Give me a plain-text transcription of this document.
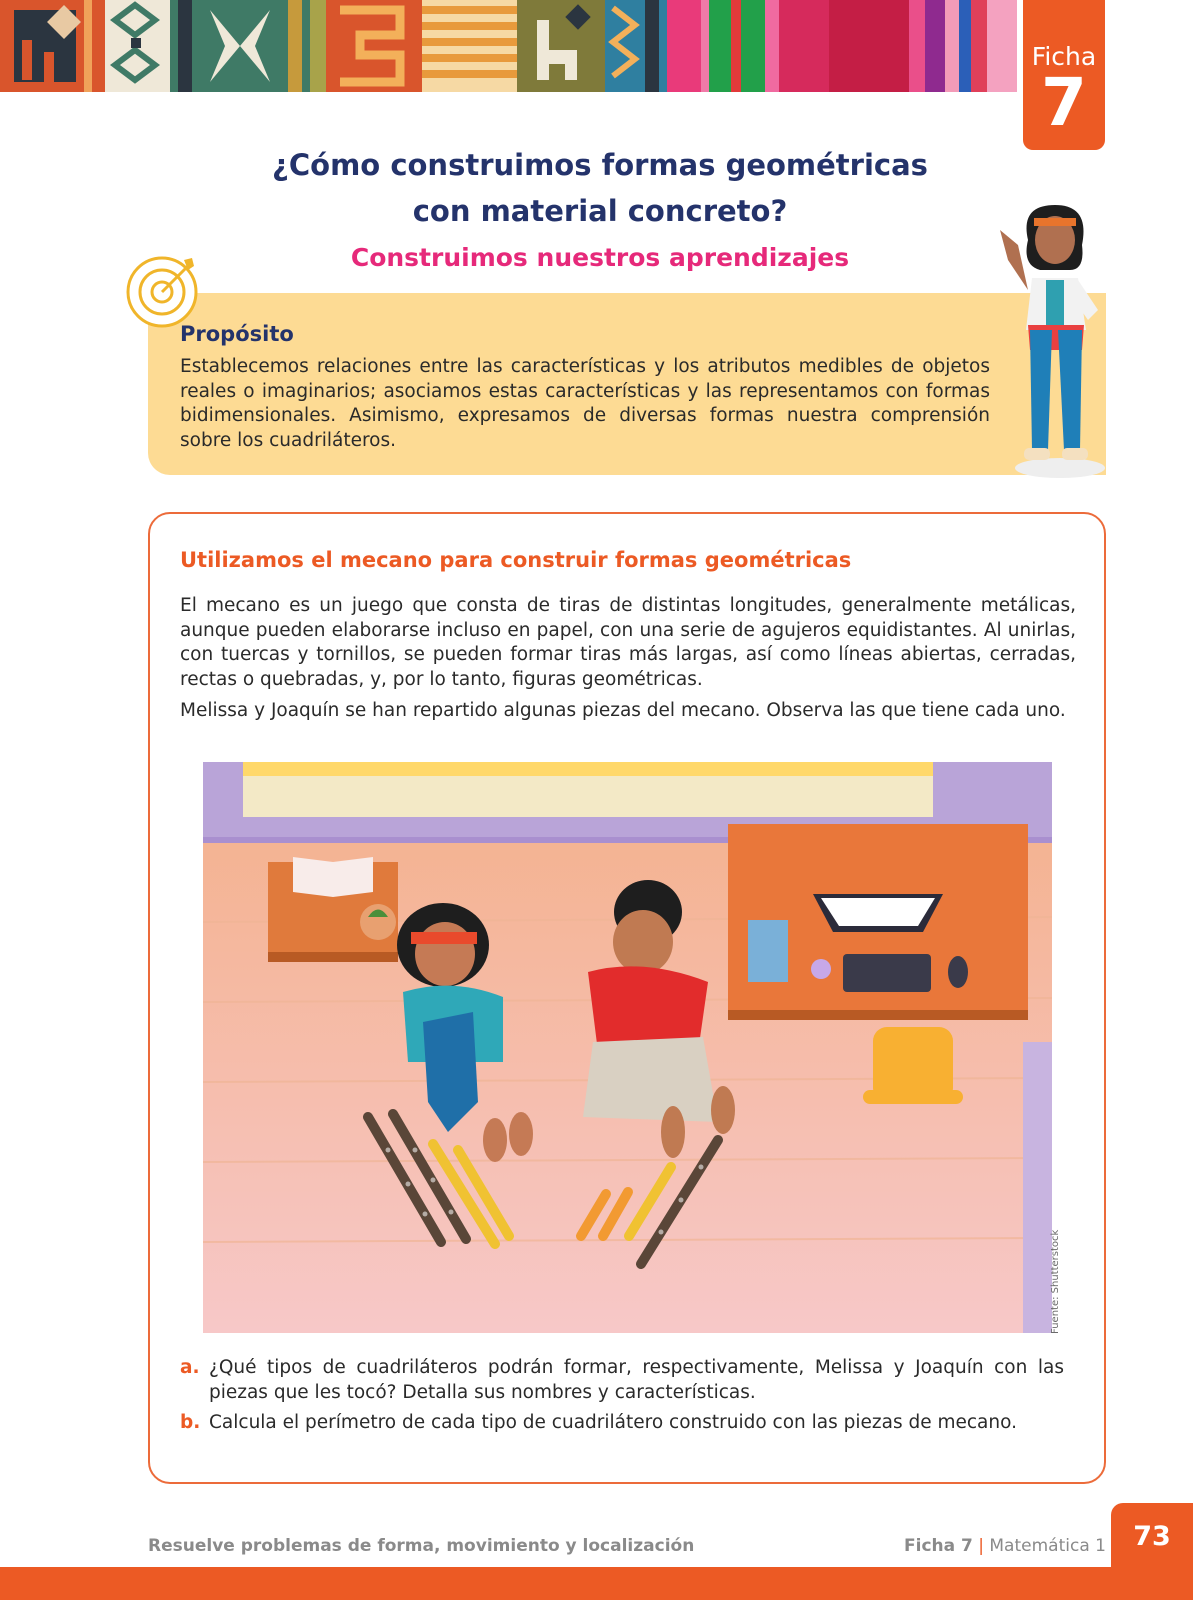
Ficha
7
¿Cómo construimos formas geométricas
con material concreto?
Construimos nuestros aprendizajes
Propósito
Establecemos relaciones entre las características y los atributos medibles de objetos reales o imaginarios; asociamos estas características y las representamos con formas bidimensionales. Asimismo, expresamos de diversas formas nuestra comprensión sobre los cuadriláteros.
Utilizamos el mecano para construir formas geométricas
El mecano es un juego que consta de tiras de distintas longitudes, generalmente metálicas, aunque pueden elaborarse incluso en papel, con una serie de agujeros equidistantes. Al unirlas, con tuercas y tornillos, se pueden formar tiras más largas, así como líneas abiertas, cerradas, rectas o quebradas, y, por lo tanto, figuras geométricas.
Melissa y Joaquín se han repartido algunas piezas del mecano. Observa las que tiene cada uno.
Fuente: Shutterstock
a. ¿Qué tipos de cuadriláteros podrán formar, respectivamente, Melissa y Joaquín con las piezas que les tocó? Detalla sus nombres y características.
b. Calcula el perímetro de cada tipo de cuadrilátero construido con las piezas de mecano.
Resuelve problemas de forma, movimiento y localización	Ficha 7 | Matemática 1	73
